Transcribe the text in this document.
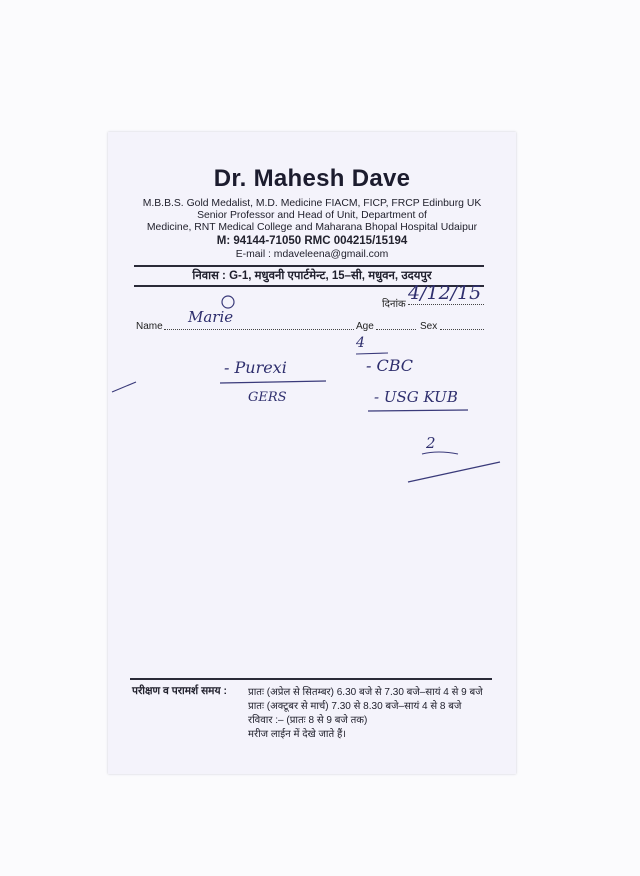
Dr. Mahesh Dave
M.B.B.S. Gold Medalist, M.D. Medicine FIACM, FICP, FRCP Edinburg UK
Senior Professor and Head of Unit, Department of
Medicine, RNT Medical College and Maharana Bhopal Hospital Udaipur
M: 94144-71050 RMC 004215/15194
E-mail : mdaveleena@gmail.com
निवास : G-1, मधुवनी एपार्टमेन्ट, 15–सी, मधुवन, उदयपुर
दिनांक
4/12/15
Name	Age	Sex
Marie
4
- Purexi
GERS
- CBC
- USG KUB
2
परीक्षण व परामर्श समय : प्रातः (अप्रेल से सितम्बर) 6.30 बजे से 7.30 बजे–सायं 4 से 9 बजे
प्रातः (अक्टूबर से मार्च) 7.30 से 8.30 बजे–सायं 4 से 8 बजे
रविवार :– (प्रातः 8 से 9 बजे तक)
मरीज लाईन में देखे जाते हैं।
